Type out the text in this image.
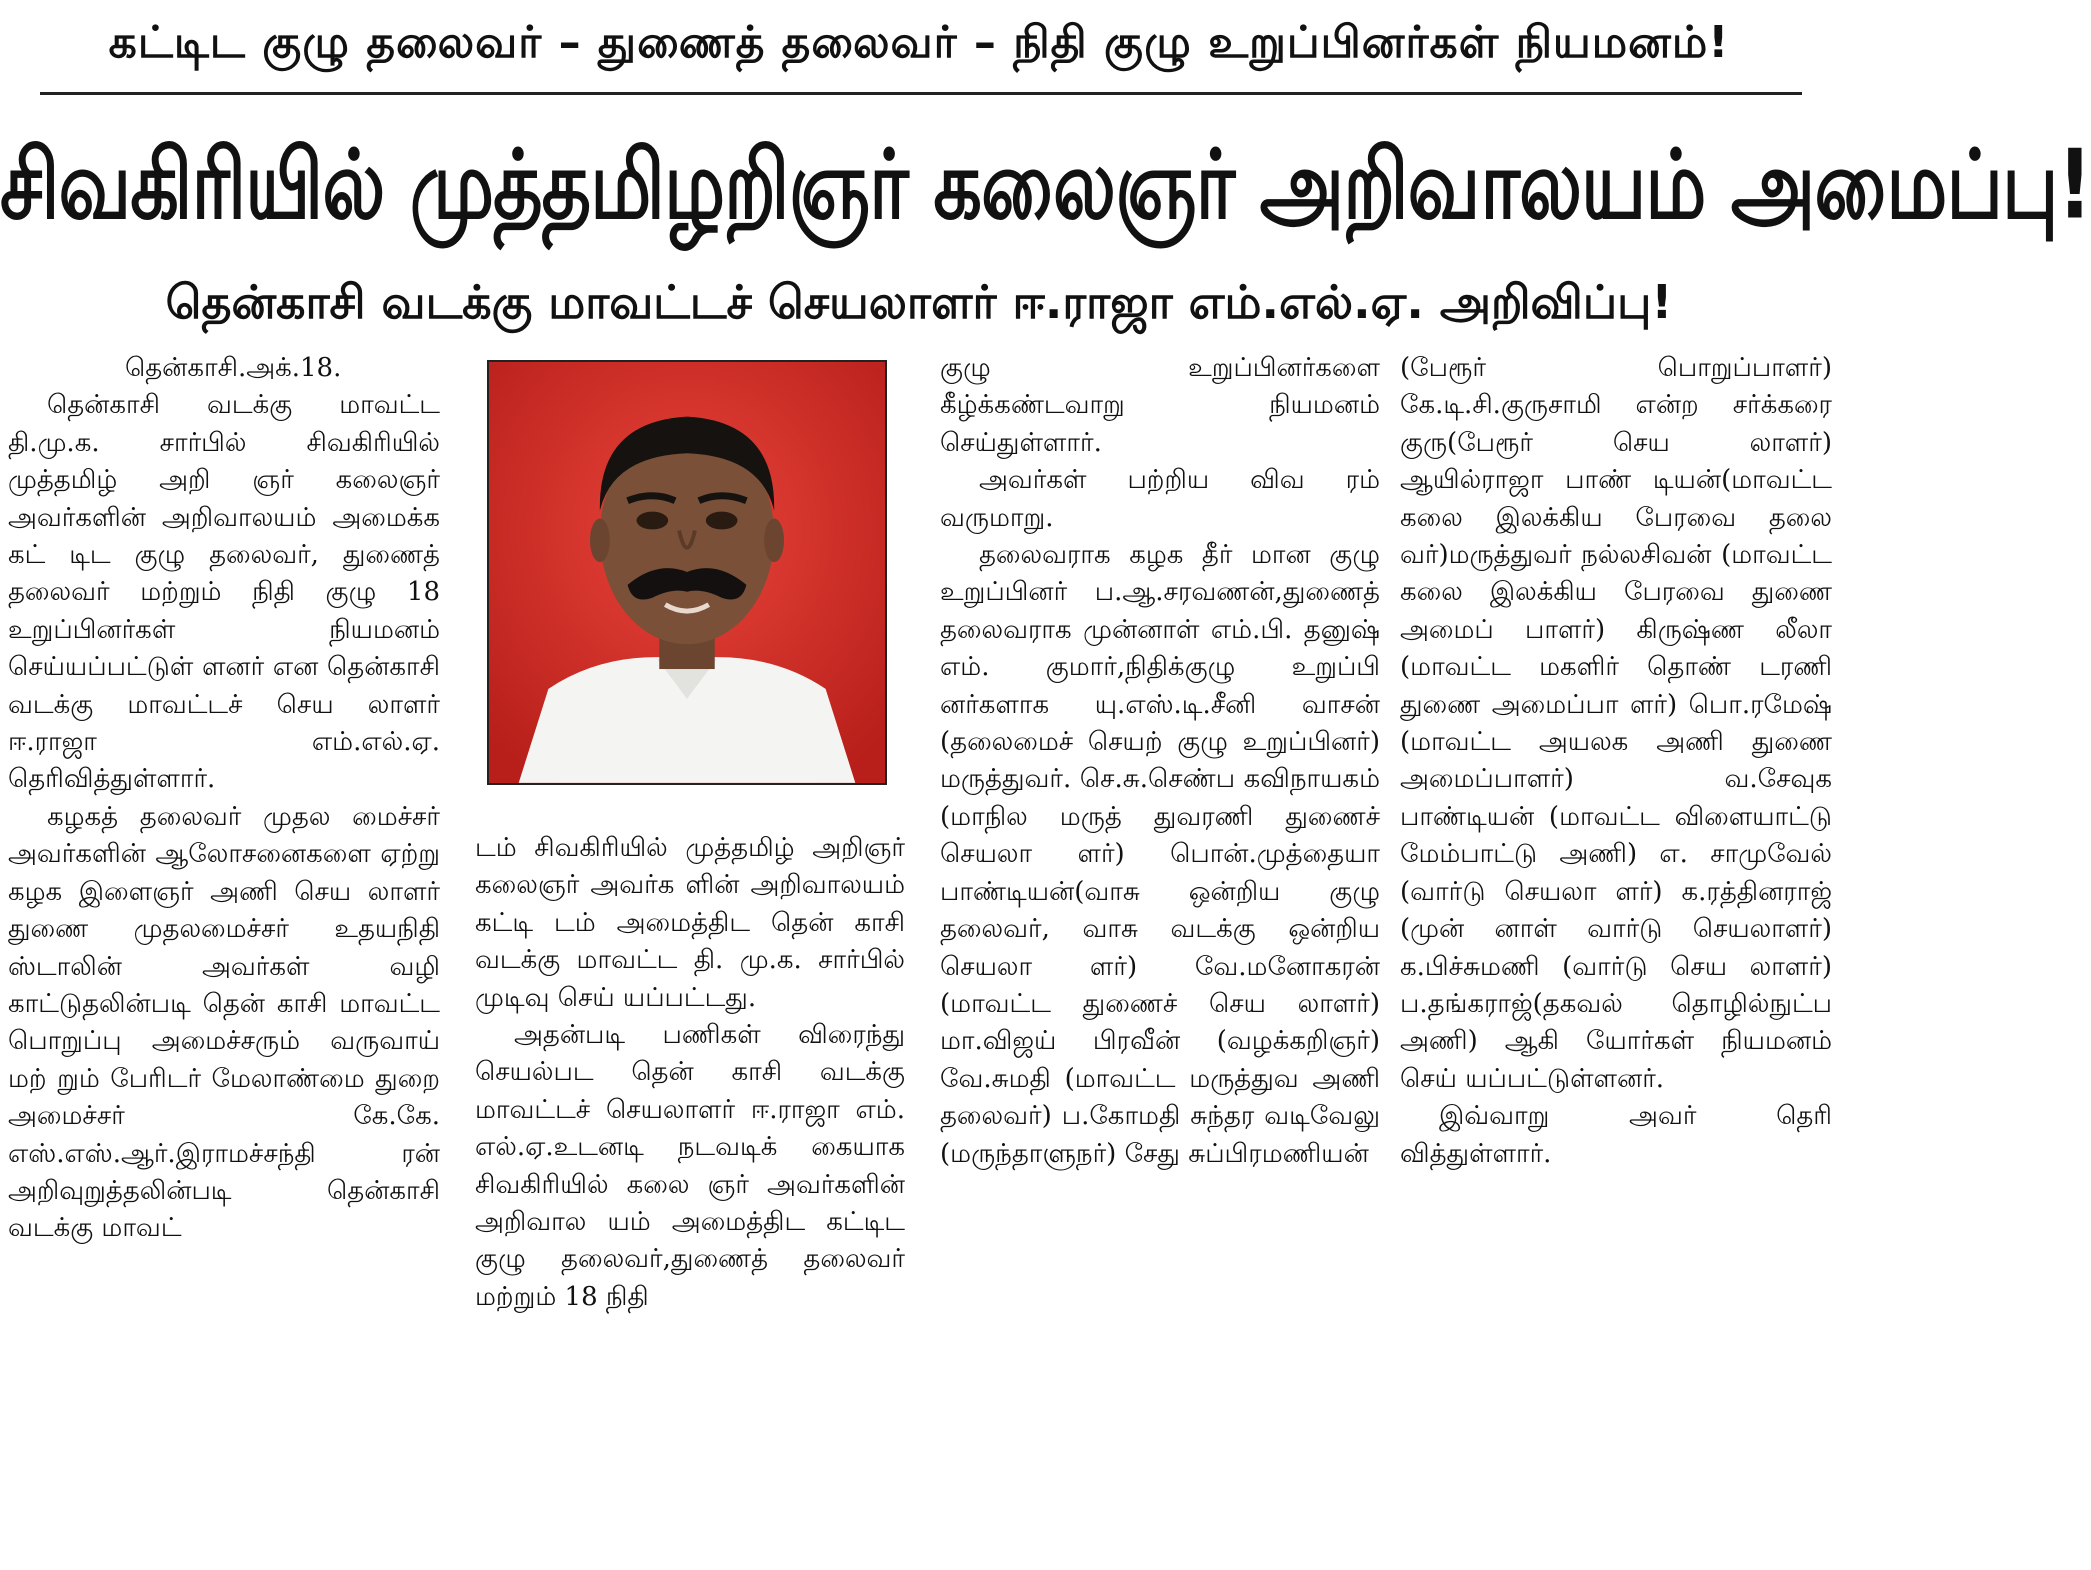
கட்டிட குழு தலைவர் – துணைத் தலைவர் – நிதி குழு உறுப்பினர்கள் நியமனம்!
சிவகிரியில் முத்தமிழறிஞர் கலைஞர் அறிவாலயம் அமைப்பு!
தென்காசி வடக்கு மாவட்டச் செயலாளர் ஈ.ராஜா எம்.எல்.ஏ. அறிவிப்பு!

தென்காசி.அக்.18.

தென்காசி வடக்கு மாவட்ட தி.மு.க. சார்பில் சிவகிரியில் முத்தமிழ் அறி ஞர் கலைஞர் அவர்களின் அறிவாலயம் அமைக்க கட் டிட குழு தலைவர், துணைத் தலைவர் மற்றும் நிதி குழு 18 உறுப்பினர்கள் நியமனம் செய்யப்பட்டுள் ளனர் என தென்காசி வடக்கு மாவட்டச் செய லாளர் ஈ.ராஜா எம்.எல்.ஏ. தெரிவித்துள்ளார்.

கழகத் தலைவர் முதல மைச்சர் அவர்களின் ஆலோசனைகளை ஏற்று கழக இளைஞர் அணி செய லாளர் துணை முதலமைச்சர் உதயநிதி ஸ்டாலின் அவர்கள் வழி காட்டுதலின்படி தென் காசி மாவட்ட பொறுப்பு அமைச்சரும் வருவாய் மற் றும் பேரிடர் மேலாண்மை துறை அமைச்சர் கே.கே. எஸ்.எஸ்.ஆர்.இராமச்சந்தி ரன் அறிவுறுத்தலின்படி தென்காசி வடக்கு மாவட்

டம் சிவகிரியில் முத்தமிழ் அறிஞர் கலைஞர் அவர்க ளின் அறிவாலயம் கட்டி டம் அமைத்திட தென் காசி வடக்கு மாவட்ட தி. மு.க. சார்பில் முடிவு செய் யப்பட்டது.

அதன்படி பணிகள் விரைந்து செயல்பட தென் காசி வடக்கு மாவட்டச் செயலாளர் ஈ.ராஜா எம். எல்.ஏ.உடனடி நடவடிக் கையாக சிவகிரியில் கலை ஞர் அவர்களின் அறிவால யம் அமைத்திட கட்டிட குழு தலைவர்,துணைத் தலைவர் மற்றும் 18 நிதி

குழு உறுப்பினர்களை கீழ்க்கண்டவாறு நியமனம் செய்துள்ளார்.

அவர்கள் பற்றிய விவ ரம் வருமாறு.

தலைவராக கழக தீர் மான குழு உறுப்பினர் ப.ஆ.சரவணன்,துணைத் தலைவராக முன்னாள் எம்.பி. தனுஷ் எம். குமார்,நிதிக்குழு உறுப்பி னர்களாக யு.எஸ்.டி.சீனி வாசன் (தலைமைச் செயற் குழு உறுப்பினர்) மருத்துவர். செ.சு.செண்ப கவிநாயகம் (மாநில மருத் துவரணி துணைச் செயலா ளர்) பொன்.முத்தையா பாண்டியன்(வாசு ஒன்றிய குழு தலைவர், வாசு வடக்கு ஒன்றிய செயலா ளர்) வே.மனோகரன் (மாவட்ட துணைச் செய லாளர்) மா.விஜய் பிரவீன் (வழக்கறிஞர்) வே.சுமதி (மாவட்ட மருத்துவ அணி தலைவர்) ப.கோமதி சுந்தர வடிவேலு (மருந்தாளுநர்) சேது சுப்பிரமணியன்

(பேரூர் பொறுப்பாளர்) கே.டி.சி.குருசாமி என்ற சர்க்கரை குரு(பேரூர் செய லாளர்) ஆயில்ராஜா பாண் டியன்(மாவட்ட கலை இலக்கிய பேரவை தலை வர்)மருத்துவர் நல்லசிவன் (மாவட்ட கலை இலக்கிய பேரவை துணை அமைப் பாளர்) கிருஷ்ண லீலா (மாவட்ட மகளிர் தொண் டரணி துணை அமைப்பா ளர்) பொ.ரமேஷ் (மாவட்ட அயலக அணி துணை அமைப்பாளர்) வ.சேவுக பாண்டியன் (மாவட்ட விளையாட்டு மேம்பாட்டு அணி) எ. சாமுவேல் (வார்டு செயலா ளர்) க.ரத்தினராஜ் (முன் னாள் வார்டு செயலாளர்) க.பிச்சுமணி (வார்டு செய லாளர்) ப.தங்கராஜ்(தகவல் தொழில்நுட்ப அணி) ஆகி யோர்கள் நியமனம் செய் யப்பட்டுள்ளனர்.

இவ்வாறு அவர் தெரி வித்துள்ளார்.
